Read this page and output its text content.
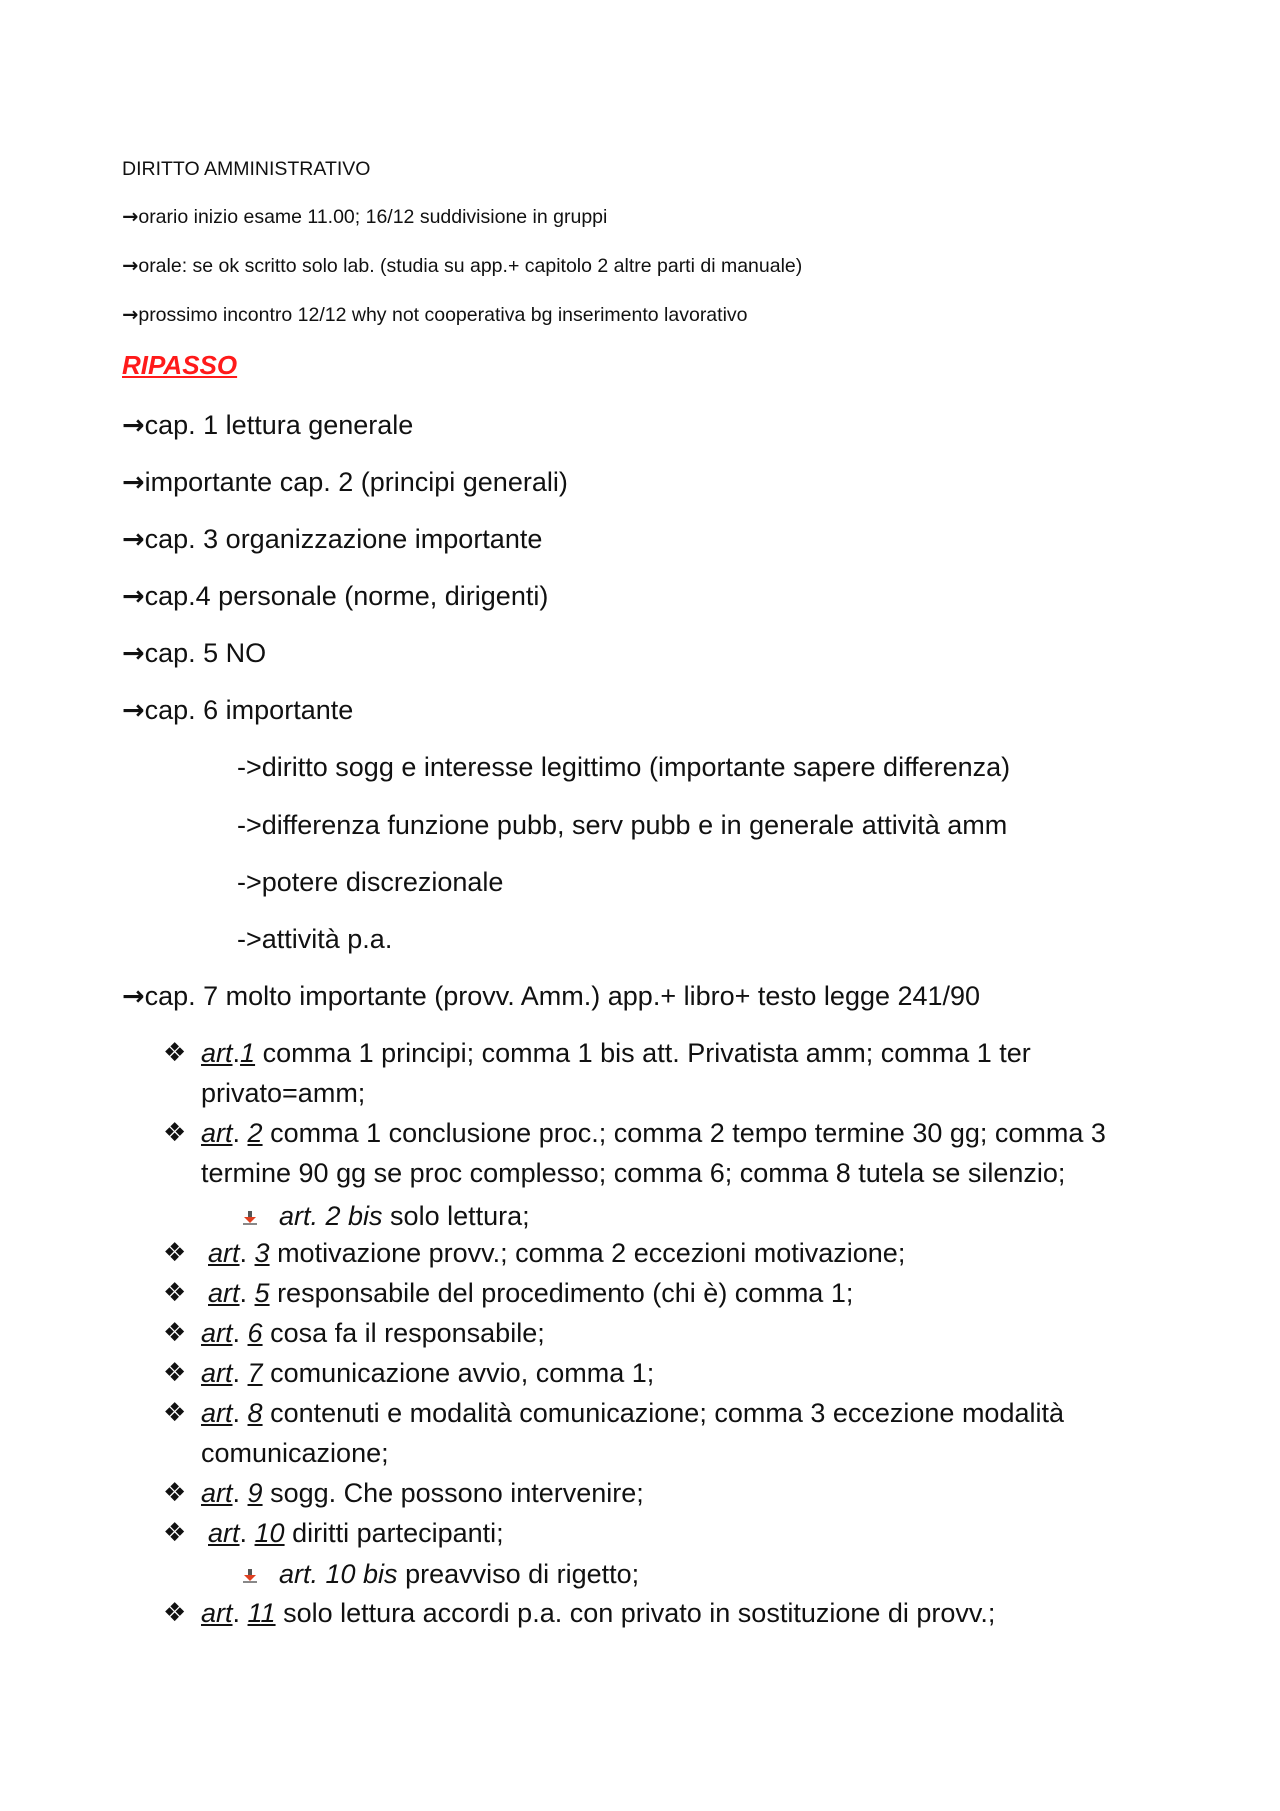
DIRITTO AMMINISTRATIVO
→orario inizio esame 11.00; 16/12 suddivisione in gruppi
→orale: se ok scritto solo lab. (studia su app.+ capitolo 2 altre parti di manuale)
→prossimo incontro 12/12 why not cooperativa bg inserimento lavorativo
RIPASSO
→cap. 1 lettura generale
→importante cap. 2 (principi generali)
→cap. 3 organizzazione importante
→cap.4 personale (norme, dirigenti)
→cap. 5 NO
→cap. 6 importante
->diritto sogg e interesse legittimo (importante sapere differenza)
->differenza funzione pubb, serv pubb e in generale attività amm
->potere discrezionale
->attività p.a.
→cap. 7 molto importante (provv. Amm.) app.+ libro+ testo legge 241/90
❖ art.1 comma 1 principi; comma 1 bis att. Privatista amm; comma 1 ter privato=amm;
❖ art. 2 comma 1 conclusione proc.; comma 2 tempo termine 30 gg; comma 3 termine 90 gg se proc complesso; comma 6; comma 8 tutela se silenzio;
art. 2 bis solo lettura;
❖ art. 3 motivazione provv.; comma 2 eccezioni motivazione;
❖ art. 5 responsabile del procedimento (chi è) comma 1;
❖ art. 6 cosa fa il responsabile;
❖ art. 7 comunicazione avvio, comma 1;
❖ art. 8 contenuti e modalità comunicazione; comma 3 eccezione modalità comunicazione;
❖ art. 9 sogg. Che possono intervenire;
❖ art. 10 diritti partecipanti;
art. 10 bis preavviso di rigetto;
❖ art. 11 solo lettura accordi p.a. con privato in sostituzione di provv.;
